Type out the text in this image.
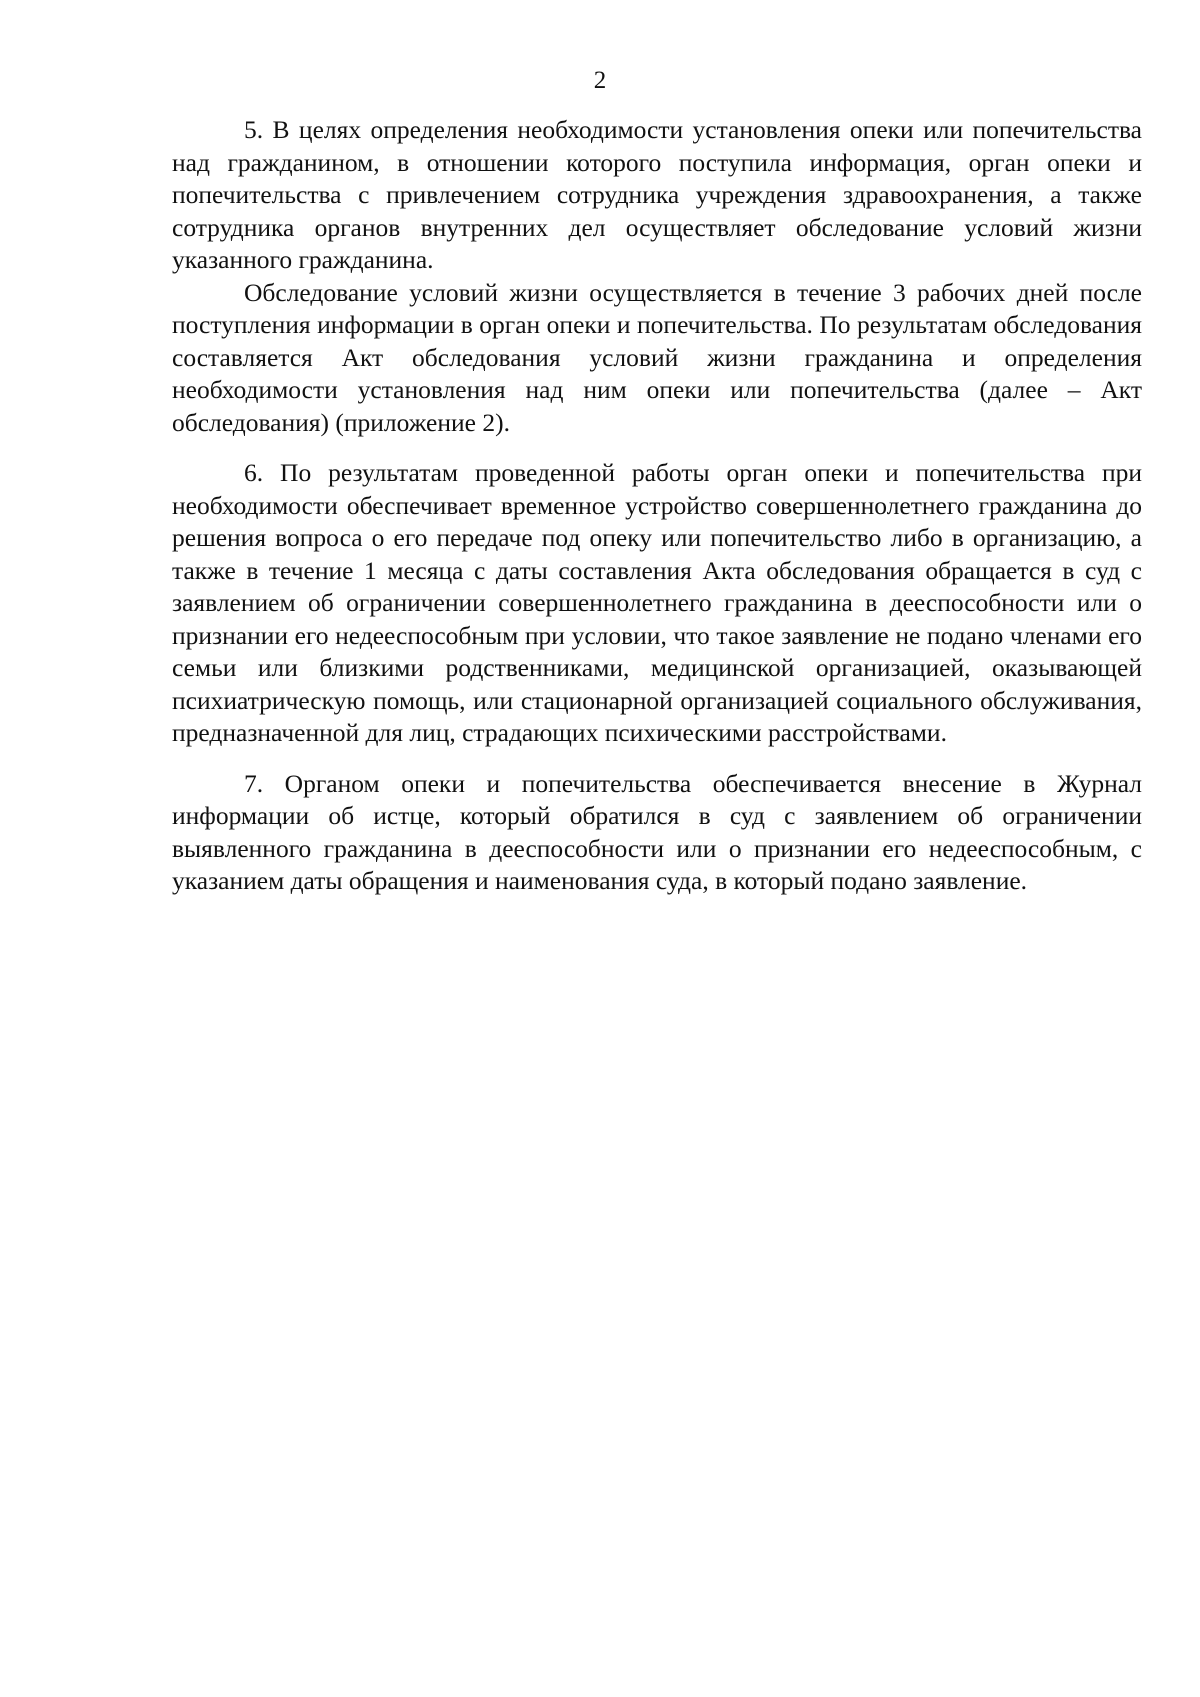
2

5. В целях определения необходимости установления опеки или попечительства над гражданином, в отношении которого поступила информация, орган опеки и попечительства с привлечением сотрудника учреждения здравоохранения, а также сотрудника органов внутренних дел осуществляет обследование условий жизни указанного гражданина.

Обследование условий жизни осуществляется в течение 3 рабочих дней после поступления информации в орган опеки и попечительства. По результатам обследования составляется Акт обследования условий жизни гражданина и определения необходимости установления над ним опеки или попечительства (далее – Акт обследования) (приложение 2).

6. По результатам проведенной работы орган опеки и попечительства при необходимости обеспечивает временное устройство совершеннолетнего гражданина до решения вопроса о его передаче под опеку или попечительство либо в организацию, а также в течение 1 месяца с даты составления Акта обследования обращается в суд с заявлением об ограничении совершеннолетнего гражданина в дееспособности или о признании его недееспособным при условии, что такое заявление не подано членами его семьи или близкими родственниками, медицинской организацией, оказывающей психиатрическую помощь, или стационарной организацией социального обслуживания, предназначенной для лиц, страдающих психическими расстройствами.

7. Органом опеки и попечительства обеспечивается внесение в Журнал информации об истце, который обратился в суд с заявлением об ограничении выявленного гражданина в дееспособности или о признании его недееспособным, с указанием даты обращения и наименования суда, в который подано заявление.
